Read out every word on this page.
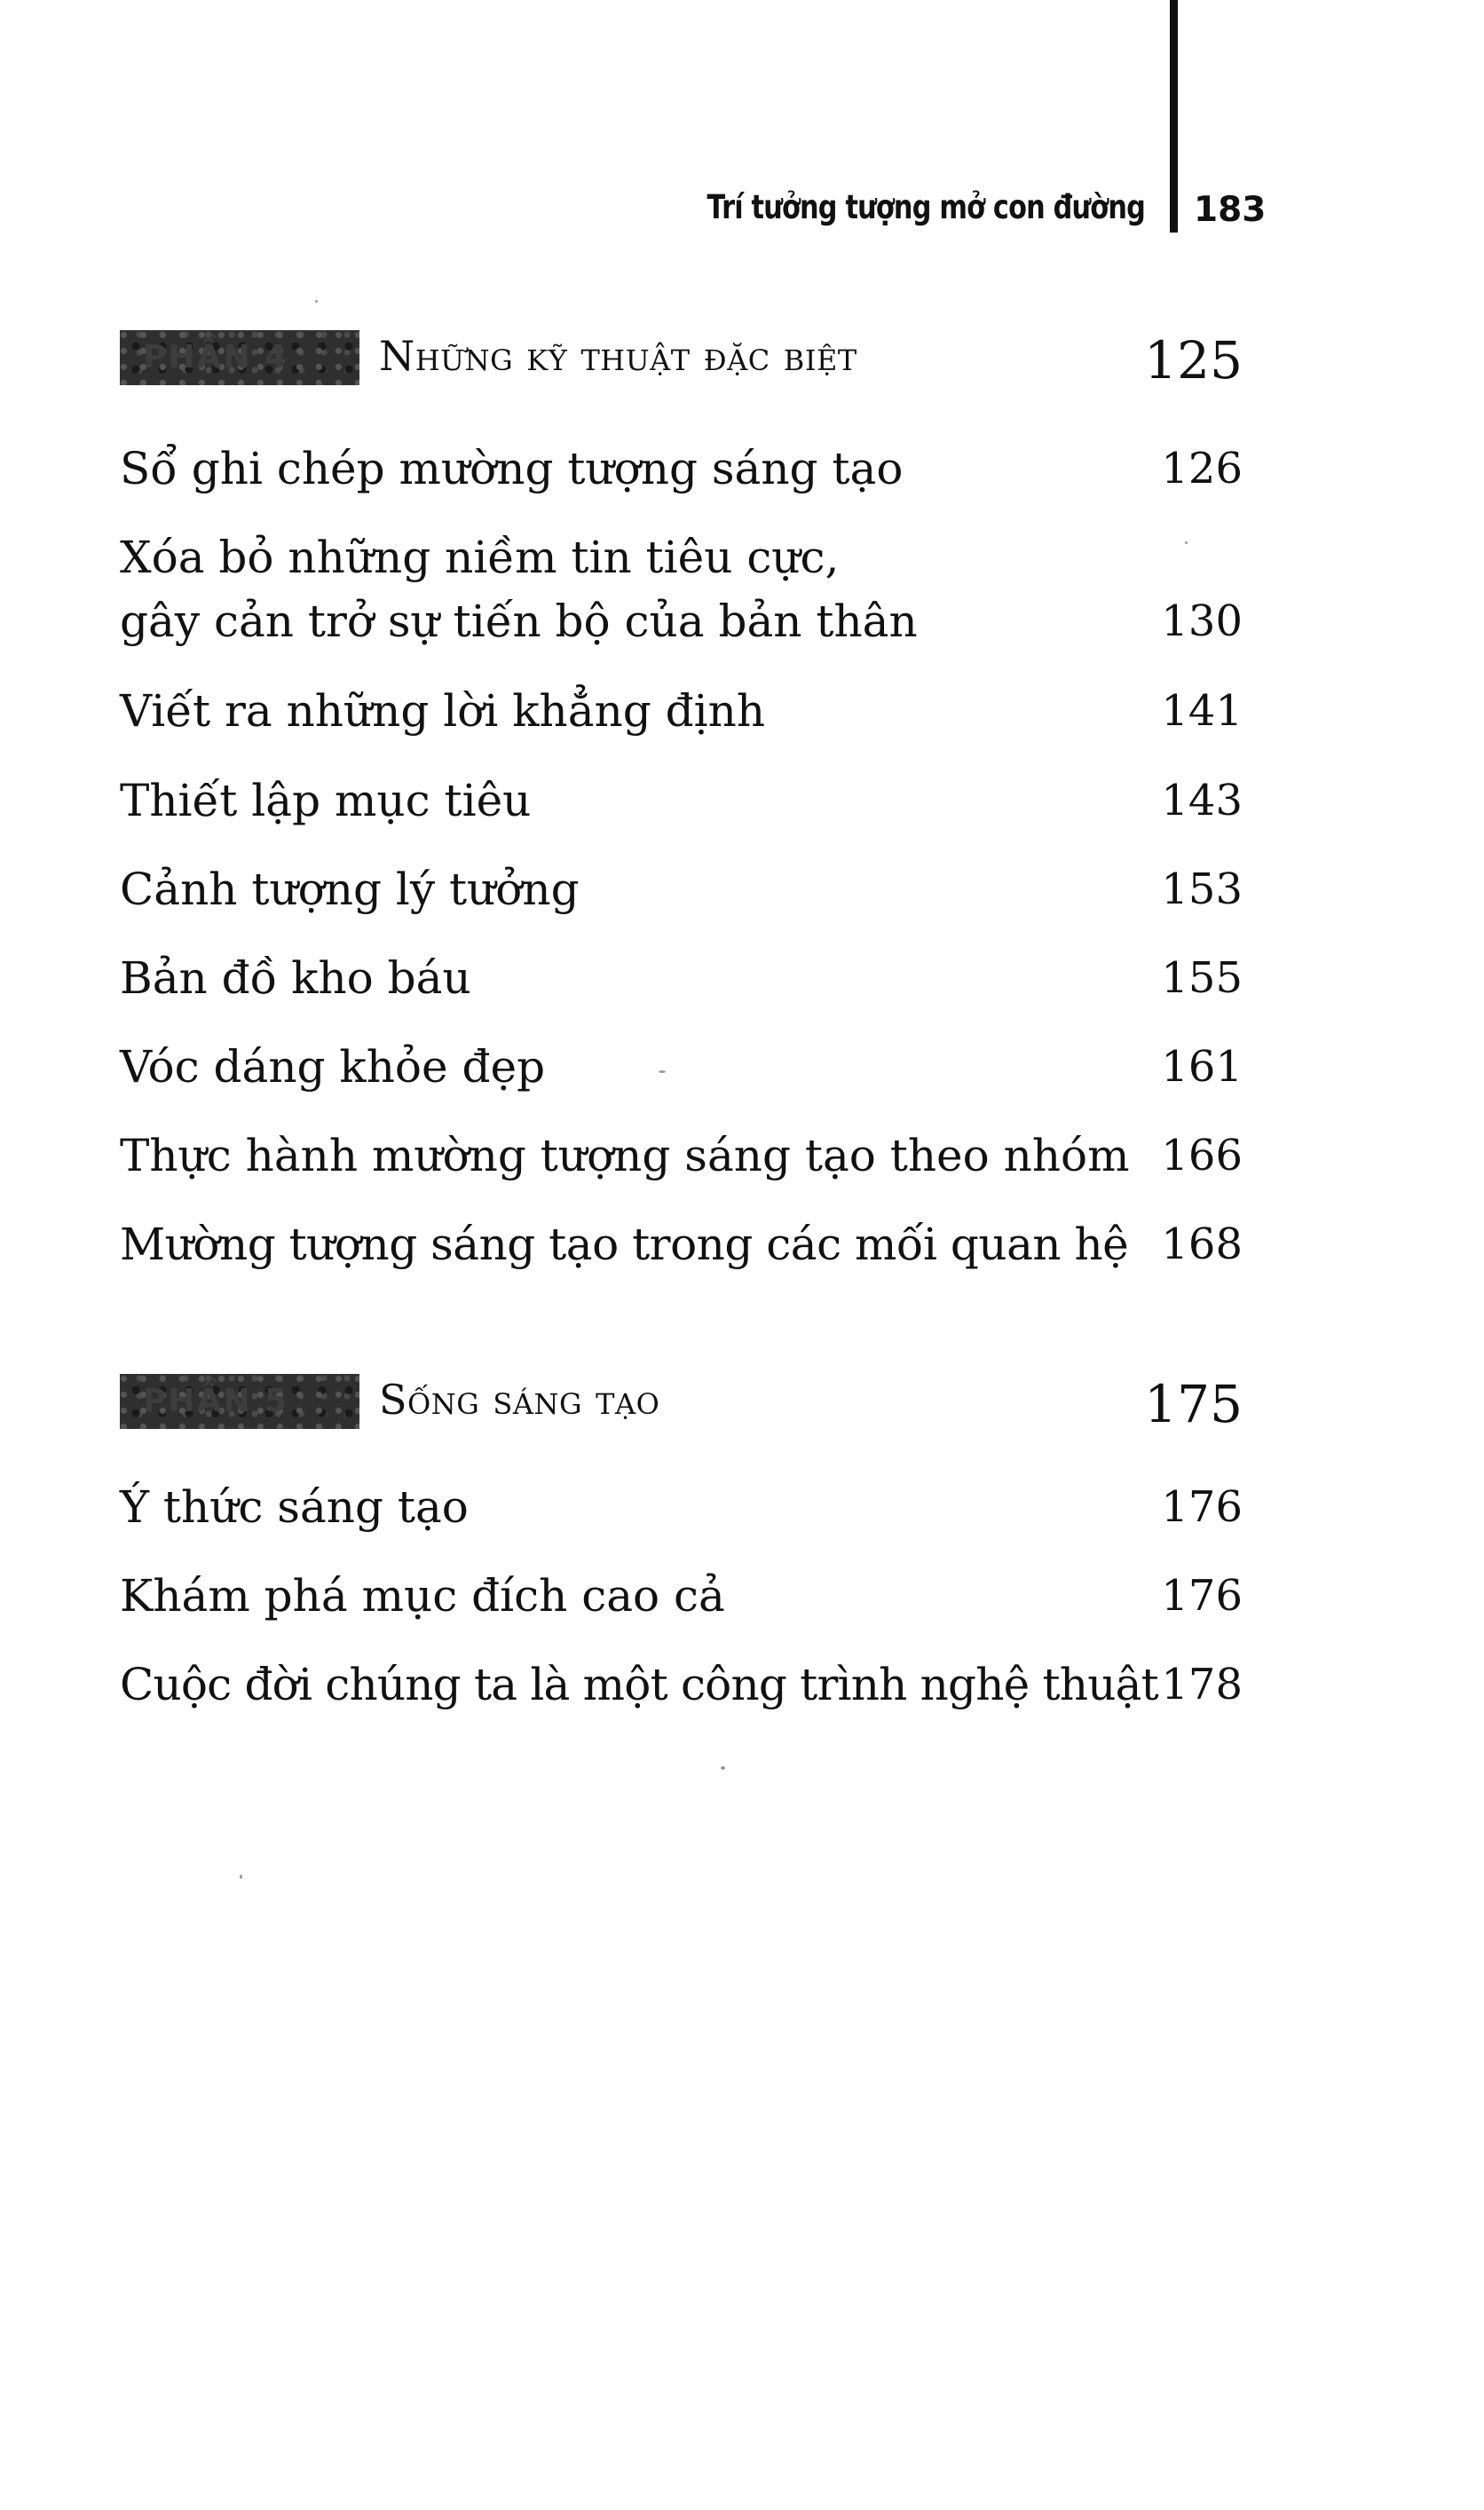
Trí tưởng tượng mở con đường 183
PHẦN 4	Những kỹ thuật đặc biệt	125
Sổ ghi chép mường tượng sáng tạo	126
Xóa bỏ những niềm tin tiêu cực,
gây cản trở sự tiến bộ của bản thân	130
Viết ra những lời khẳng định	141
Thiết lập mục tiêu	143
Cảnh tượng lý tưởng	153
Bản đồ kho báu	155
Vóc dáng khỏe đẹp	161
Thực hành mường tượng sáng tạo theo nhóm 166
Mường tượng sáng tạo trong các mối quan hệ 168
PHẦN 5	Sống sáng tạo	175
Ý thức sáng tạo	176
Khám phá mục đích cao cả	176
Cuộc đời chúng ta là một công trình nghệ thuật 178
